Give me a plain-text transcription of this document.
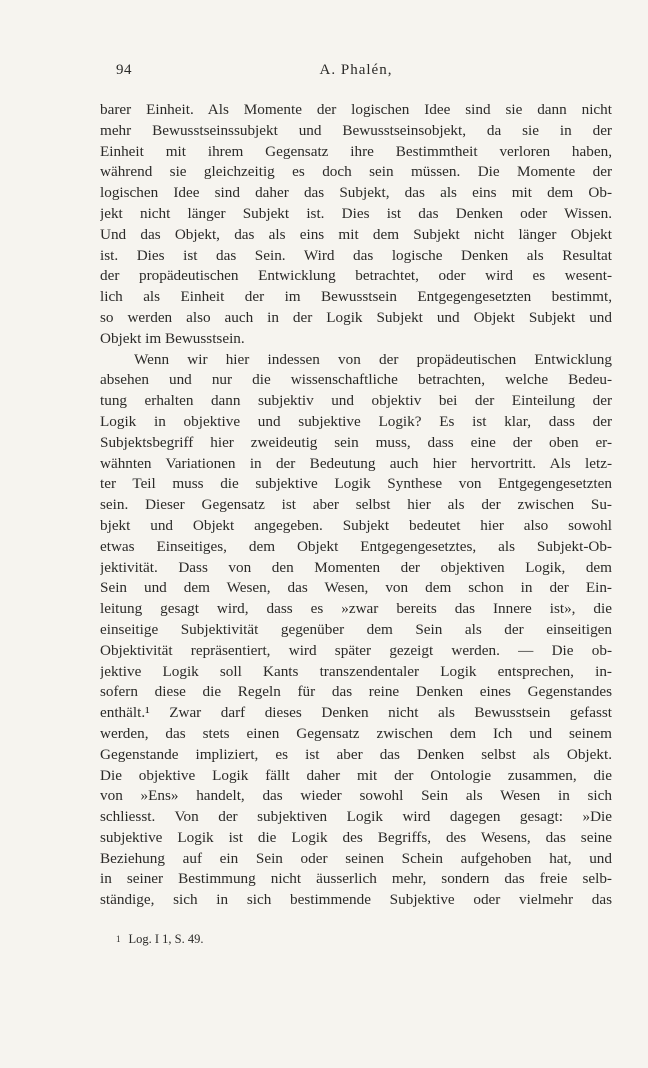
94	A. Phalén,
barer Einheit. Als Momente der logischen Idee sind sie dann nicht
mehr Bewusstseinssubjekt und Bewusstseinsobjekt, da sie in der
Einheit mit ihrem Gegensatz ihre Bestimmtheit verloren haben,
während sie gleichzeitig es doch sein müssen. Die Momente der
logischen Idee sind daher das Subjekt, das als eins mit dem Ob-
jekt nicht länger Subjekt ist. Dies ist das Denken oder Wissen.
Und das Objekt, das als eins mit dem Subjekt nicht länger Objekt
ist. Dies ist das Sein. Wird das logische Denken als Resultat
der propädeutischen Entwicklung betrachtet, oder wird es wesent-
lich als Einheit der im Bewusstsein Entgegengesetzten bestimmt,
so werden also auch in der Logik Subjekt und Objekt Subjekt und
Objekt im Bewusstsein.
Wenn wir hier indessen von der propädeutischen Entwicklung
absehen und nur die wissenschaftliche betrachten, welche Bedeu-
tung erhalten dann subjektiv und objektiv bei der Einteilung der
Logik in objektive und subjektive Logik? Es ist klar, dass der
Subjektsbegriff hier zweideutig sein muss, dass eine der oben er-
wähnten Variationen in der Bedeutung auch hier hervortritt. Als letz-
ter Teil muss die subjektive Logik Synthese von Entgegengesetzten
sein. Dieser Gegensatz ist aber selbst hier als der zwischen Su-
bjekt und Objekt angegeben. Subjekt bedeutet hier also sowohl
etwas Einseitiges, dem Objekt Entgegengesetztes, als Subjekt-Ob-
jektivität. Dass von den Momenten der objektiven Logik, dem
Sein und dem Wesen, das Wesen, von dem schon in der Ein-
leitung gesagt wird, dass es »zwar bereits das Innere ist», die
einseitige Subjektivität gegenüber dem Sein als der einseitigen
Objektivität repräsentiert, wird später gezeigt werden. — Die ob-
jektive Logik soll Kants transzendentaler Logik entsprechen, in-
sofern diese die Regeln für das reine Denken eines Gegenstandes
enthält.¹ Zwar darf dieses Denken nicht als Bewusstsein gefasst
werden, das stets einen Gegensatz zwischen dem Ich und seinem
Gegenstande impliziert, es ist aber das Denken selbst als Objekt.
Die objektive Logik fällt daher mit der Ontologie zusammen, die
von »Ens» handelt, das wieder sowohl Sein als Wesen in sich
schliesst. Von der subjektiven Logik wird dagegen gesagt: »Die
subjektive Logik ist die Logik des Begriffs, des Wesens, das seine
Beziehung auf ein Sein oder seinen Schein aufgehoben hat, und
in seiner Bestimmung nicht äusserlich mehr, sondern das freie selb-
ständige, sich in sich bestimmende Subjektive oder vielmehr das
$^1$ Log. I 1, S. 49.
